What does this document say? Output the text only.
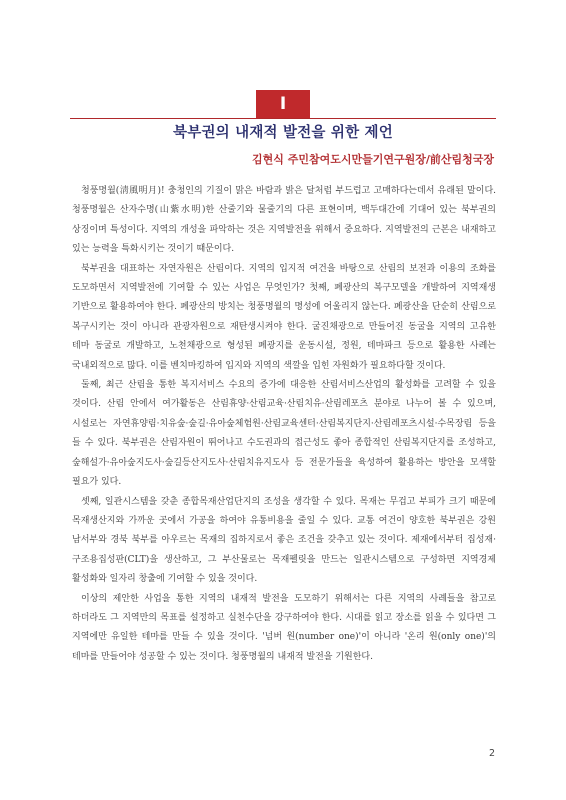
I
북부권의 내재적 발전을 위한 제언
김현식 주민참여도시만들기연구원장/前산림청국장

청풍명월(淸風明月)! 충청인의 기질이 맑은 바람과 밝은 달처럼 부드럽고 고매하다는데서 유래된 말이다. 청풍명월은 산자수명(山紫水明)한 산줄기와 물줄기의 다른 표현이며, 백두대간에 기대어 있는 북부권의 상징이며 특성이다. 지역의 개성을 파악하는 것은 지역발전을 위해서 중요하다. 지역발전의 근본은 내재하고 있는 능력을 특화시키는 것이기 때문이다.

북부권을 대표하는 자연자원은 산림이다. 지역의 입지적 여건을 바탕으로 산림의 보전과 이용의 조화를 도모하면서 지역발전에 기여할 수 있는 사업은 무엇인가? 첫째, 폐광산의 복구모델을 개발하여 지역재생 기반으로 활용하여야 한다. 폐광산의 방치는 청풍명월의 명성에 어울리지 않는다. 폐광산을 단순히 산림으로 복구시키는 것이 아니라 관광자원으로 재탄생시켜야 한다. 굴진채광으로 만들어진 동굴을 지역의 고유한 테마 동굴로 개발하고, 노천채광으로 형성된 폐광지를 운동시설, 정원, 테마파크 등으로 활용한 사례는 국내외적으로 많다. 이를 벤치마킹하여 입지와 지역의 색깔을 입힌 자원화가 필요하다할 것이다.

둘째, 최근 산림을 통한 복지서비스 수요의 증가에 대응한 산림서비스산업의 활성화를 고려할 수 있을 것이다. 산림 안에서 여가활동은 산림휴양·산림교육·산림치유·산림레포츠 분야로 나누어 볼 수 있으며, 시설로는 자연휴양림·치유숲·숲길·유아숲체험원·산림교육센터·산림복지단지·산림레포츠시설·수목장림 등을 들 수 있다. 북부권은 산림자원이 뛰어나고 수도권과의 접근성도 좋아 종합적인 산림복지단지를 조성하고, 숲해설가·유아숲지도사·숲길등산지도사·산림치유지도사 등 전문가들을 육성하여 활용하는 방안을 모색할 필요가 있다.

셋째, 일관시스템을 갖춘 종합목재산업단지의 조성을 생각할 수 있다. 목재는 무겁고 부피가 크기 때문에 목재생산지와 가까운 곳에서 가공을 하여야 유통비용을 줄일 수 있다. 교통 여건이 양호한 북부권은 강원 남서부와 경북 북부를 아우르는 목재의 집하지로서 좋은 조건을 갖추고 있는 것이다. 제재에서부터 집성재·구조용집성판(CLT)을 생산하고, 그 부산물로는 목재펠릿을 만드는 일관시스템으로 구성하면 지역경제 활성화와 일자리 창출에 기여할 수 있을 것이다.

이상의 제안한 사업을 통한 지역의 내재적 발전을 도모하기 위해서는 다른 지역의 사례들을 참고로 하더라도 그 지역만의 목표를 설정하고 실천수단을 강구하여야 한다. 시대를 읽고 장소를 읽을 수 있다면 그 지역에만 유일한 테마를 만들 수 있을 것이다. '넘버 원(number one)'이 아니라 '온리 원(only one)'의 테마를 만들어야 성공할 수 있는 것이다. 청풍명월의 내재적 발전을 기원한다.

2
